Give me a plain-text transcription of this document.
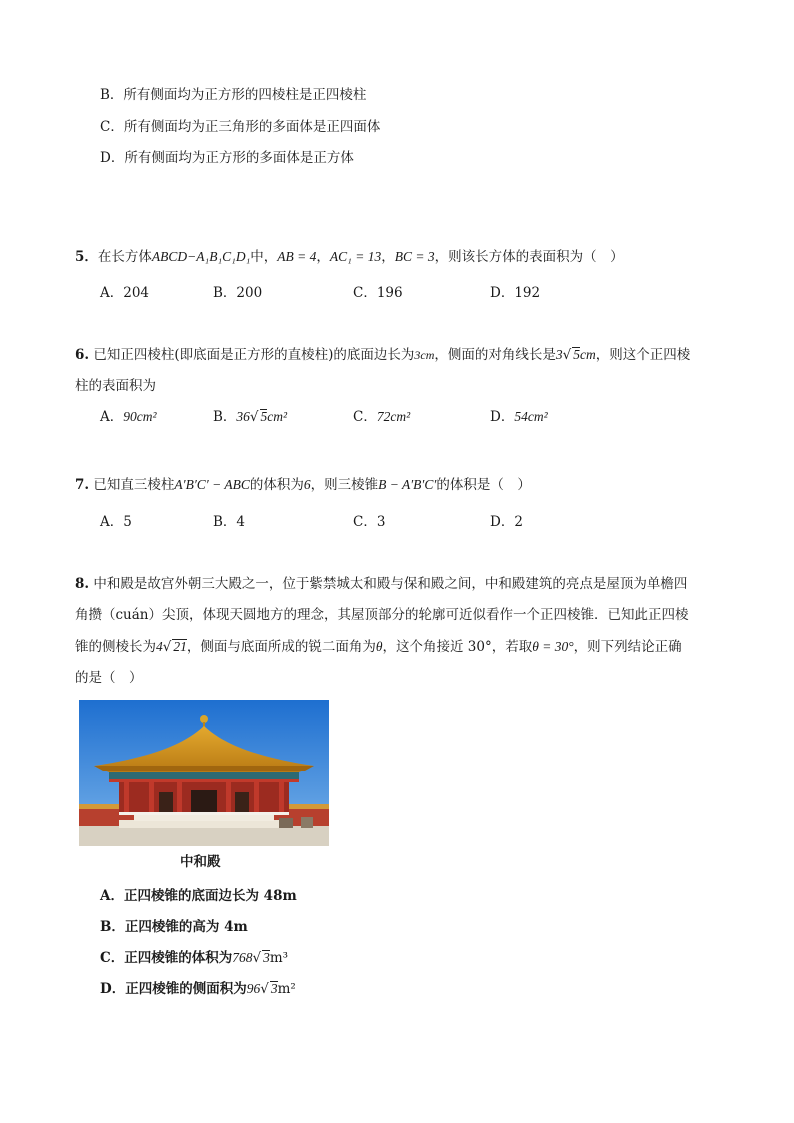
B．所有侧面均为正方形的四棱柱是正四棱柱
C．所有侧面均为正三角形的多面体是正四面体
D．所有侧面均为正方形的多面体是正方体
5．在长方体ABCD−A₁B₁C₁D₁中，AB = 4，AC₁ = 13，BC = 3，则该长方体的表面积为（　）
A．204	B．200	C．196	D．192
6. 已知正四棱柱(即底面是正方形的直棱柱)的底面边长为3cm，侧面的对角线长是3√ 5cm，则这个正四棱
柱的表面积为
A．90cm²	B．36√ 5cm²	C．72cm²	D．54cm²
7. 已知直三棱柱A′B′C′ − ABC的体积为6，则三棱锥B − A′B′C′的体积是（　）
A．5	B．4	C．3	D．2
8. 中和殿是故宫外朝三大殿之一，位于紫禁城太和殿与保和殿之间，中和殿建筑的亮点是屋顶为单檐四
角攒（cuán）尖顶，体现天圆地方的理念，其屋顶部分的轮廓可近似看作一个正四棱锥．已知此正四棱
锥的侧棱长为4√ 21，侧面与底面所成的锐二面角为θ，这个角接近 30°，若取θ = 30°，则下列结论正确
的是（　）
中和殿
A．正四棱锥的底面边长为 48m
B．正四棱锥的高为 4m
C．正四棱锥的体积为768√ 3m³
D．正四棱锥的侧面积为96√ 3m²
